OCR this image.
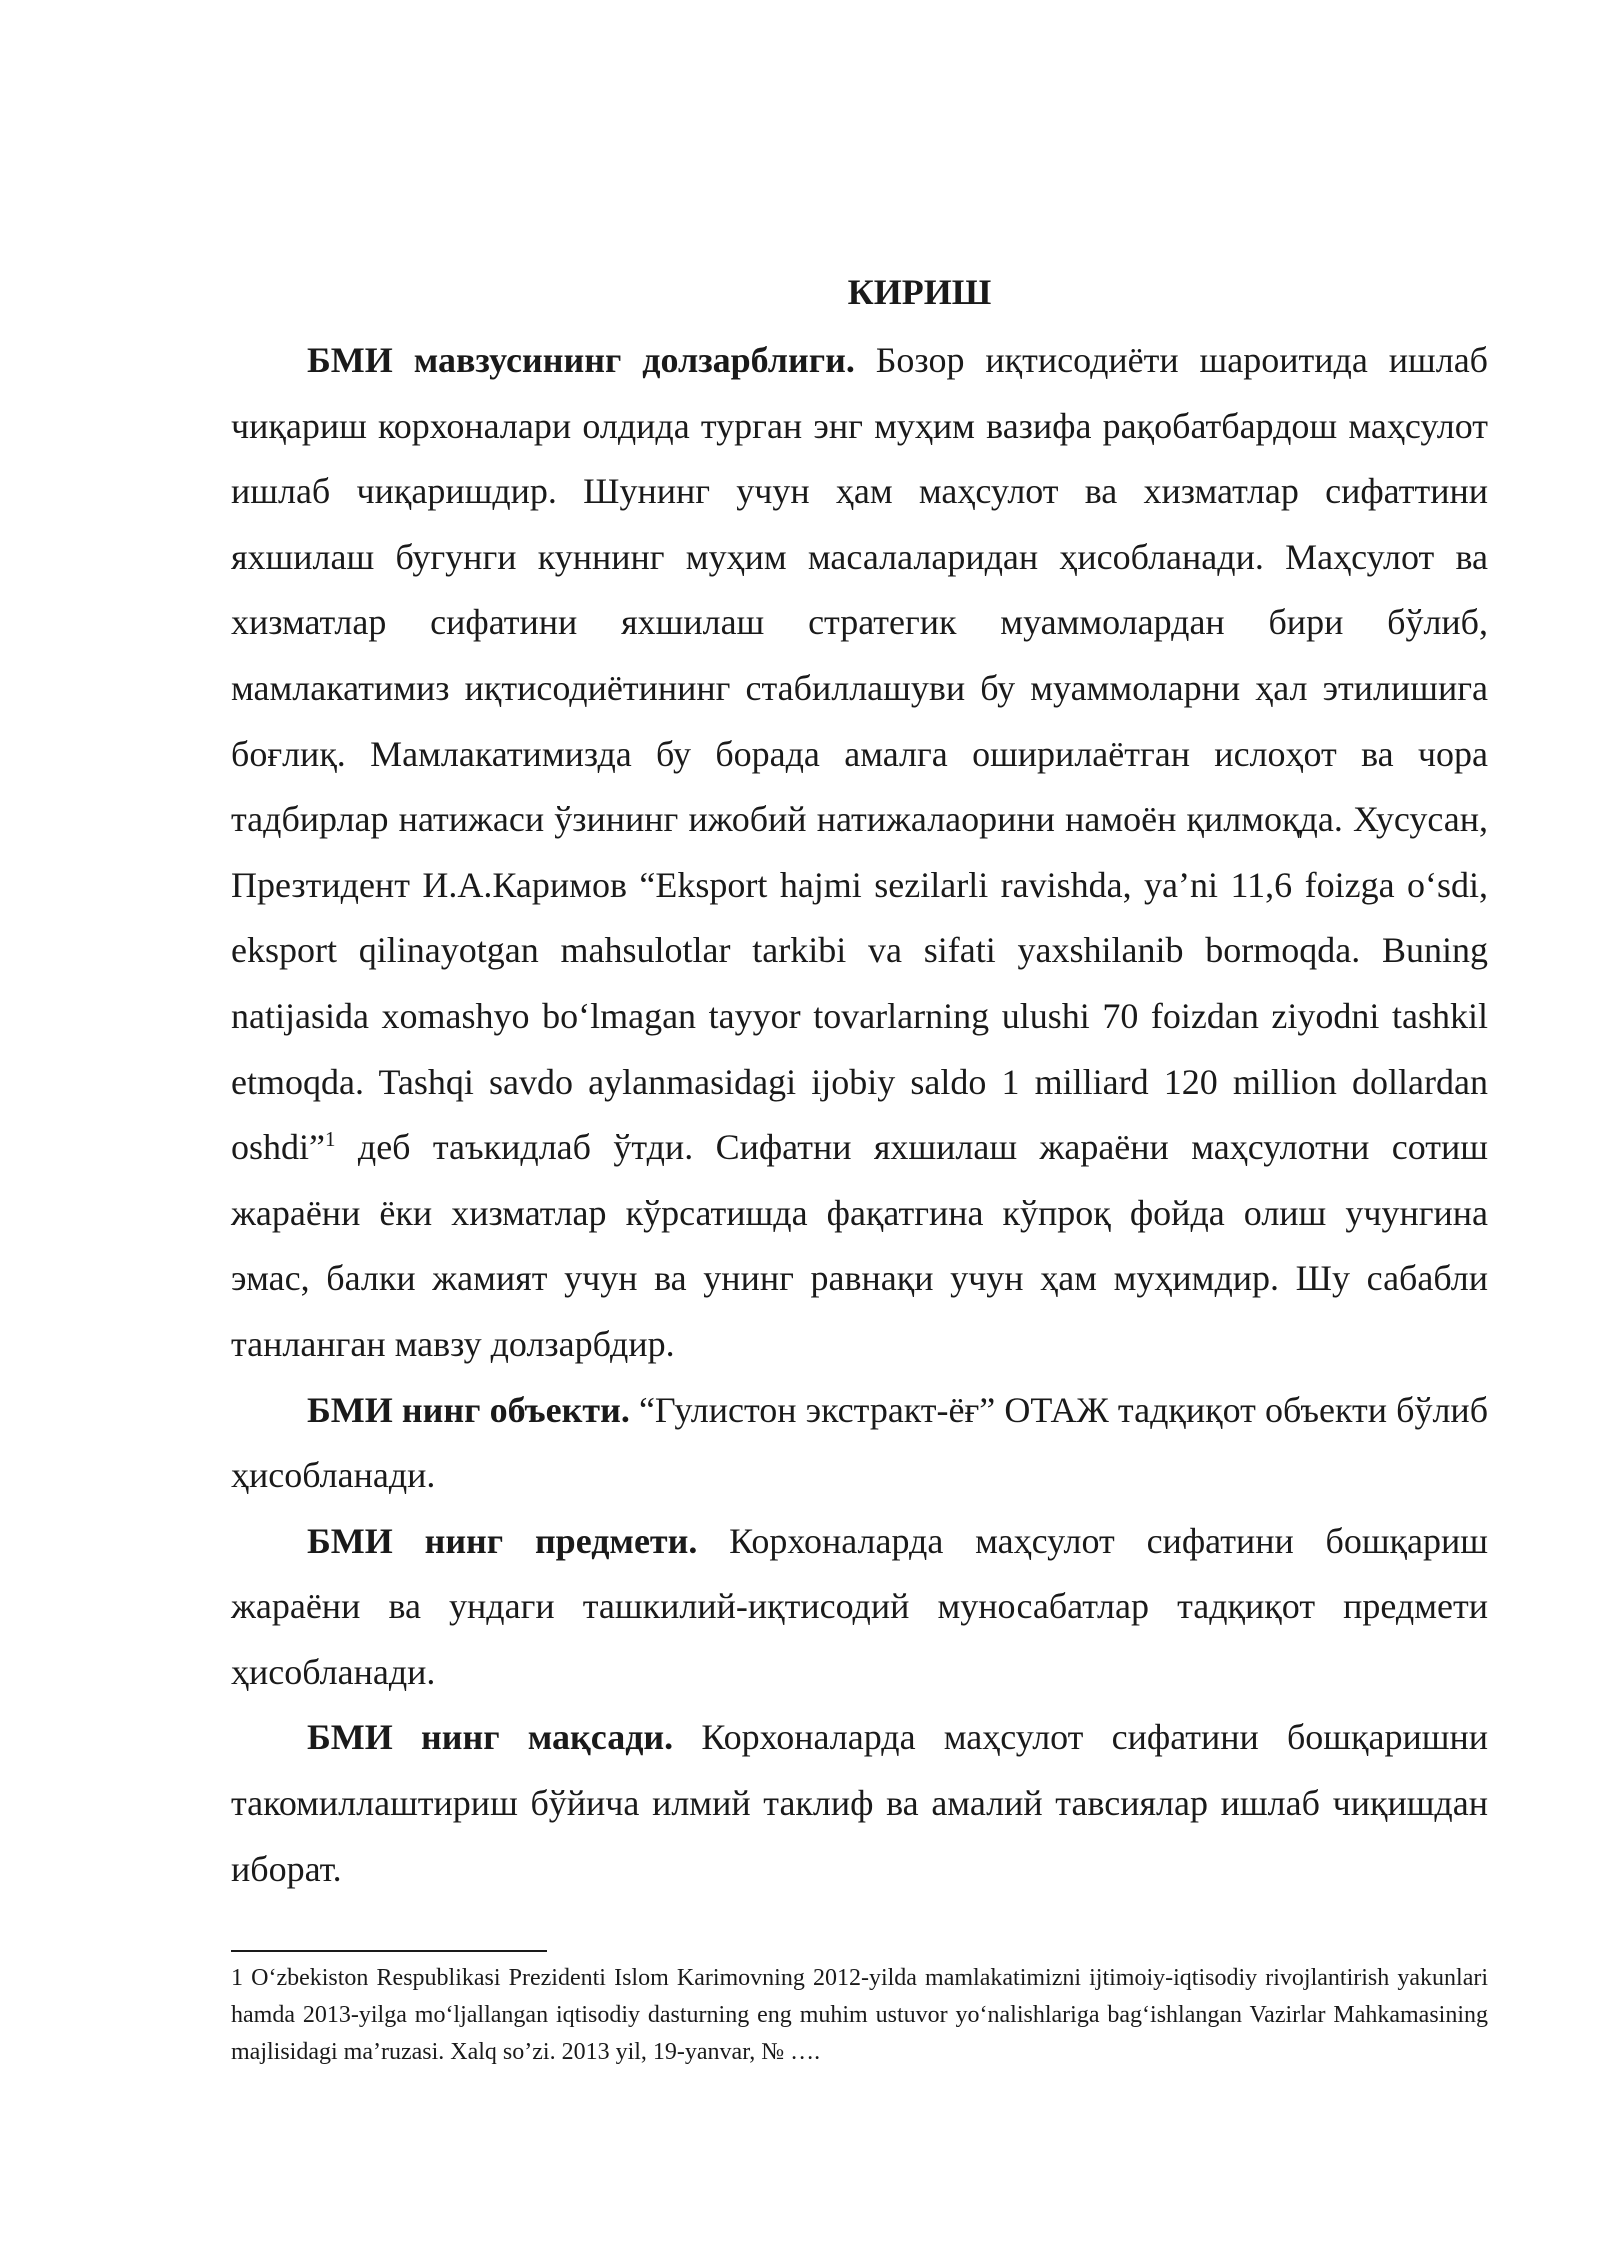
КИРИШ

БМИ мавзусининг долзарблиги. Бозор иқтисодиёти шароитида ишлаб чиқариш корхоналари олдида турган энг муҳим вазифа рақобатбардош маҳсулот ишлаб чиқаришдир. Шунинг учун ҳам маҳсулот ва хизматлар сифаттини яхшилаш бугунги куннинг муҳим масалаларидан ҳисобланади. Маҳсулот ва хизматлар сифатини яхшилаш стратегик муаммолардан бири бўлиб, мамлакатимиз иқтисодиётининг стабиллашуви бу муаммоларни ҳал этилишига боғлиқ. Мамлакатимизда бу борада амалга оширилаётган ислоҳот ва чора тадбирлар натижаси ўзининг ижобий натижалаорини намоён қилмоқда. Хусусан, Презтидент И.А.Каримов “Eksport hajmi sezilarli ravishda, ya’ni 11,6 foizga o‘sdi, eksport qilinayotgan mahsulotlar tarkibi va sifati yaxshilanib bormoqda. Buning natijasida xomashyo bo‘lmagan tayyor tovarlarning ulushi 70 foizdan ziyodni tashkil etmoqda. Tashqi savdo aylanmasidagi ijobiy saldo 1 milliard 120 million dollardan oshdi”$^1$ деб таъкидлаб ўтди. Сифатни яхшилаш жараёни маҳсулотни сотиш жараёни ёки хизматлар кўрсатишда фақатгина кўпроқ фойда олиш учунгина эмас, балки жамият учун ва унинг равнақи учун ҳам муҳимдир. Шу сабабли танланган мавзу долзарбдир.

БМИ нинг объекти. “Гулистон экстракт-ёғ” ОТАЖ тадқиқот объекти бўлиб ҳисобланади.

БМИ нинг предмети. Корхоналарда маҳсулот сифатини бошқариш жараёни ва ундаги ташкилий-иқтисодий муносабатлар тадқиқот предмети ҳисобланади.

БМИ нинг мақсади. Корхоналарда маҳсулот сифатини бошқаришни такомиллаштириш бўйича илмий таклиф ва амалий тавсиялар ишлаб чиқишдан иборат.

1 O‘zbekiston Respublikasi Prezidenti Islom Karimovning 2012-yilda mamlakatimizni ijtimoiy-iqtisodiy rivojlantirish yakunlari hamda 2013-yilga mo‘ljallangan iqtisodiy dasturning eng muhim ustuvor yo‘nalishlariga bag‘ishlangan Vazirlar Mahkamasining majlisidagi ma’ruzasi. Xalq so’zi. 2013 yil, 19-yanvar, № ….
